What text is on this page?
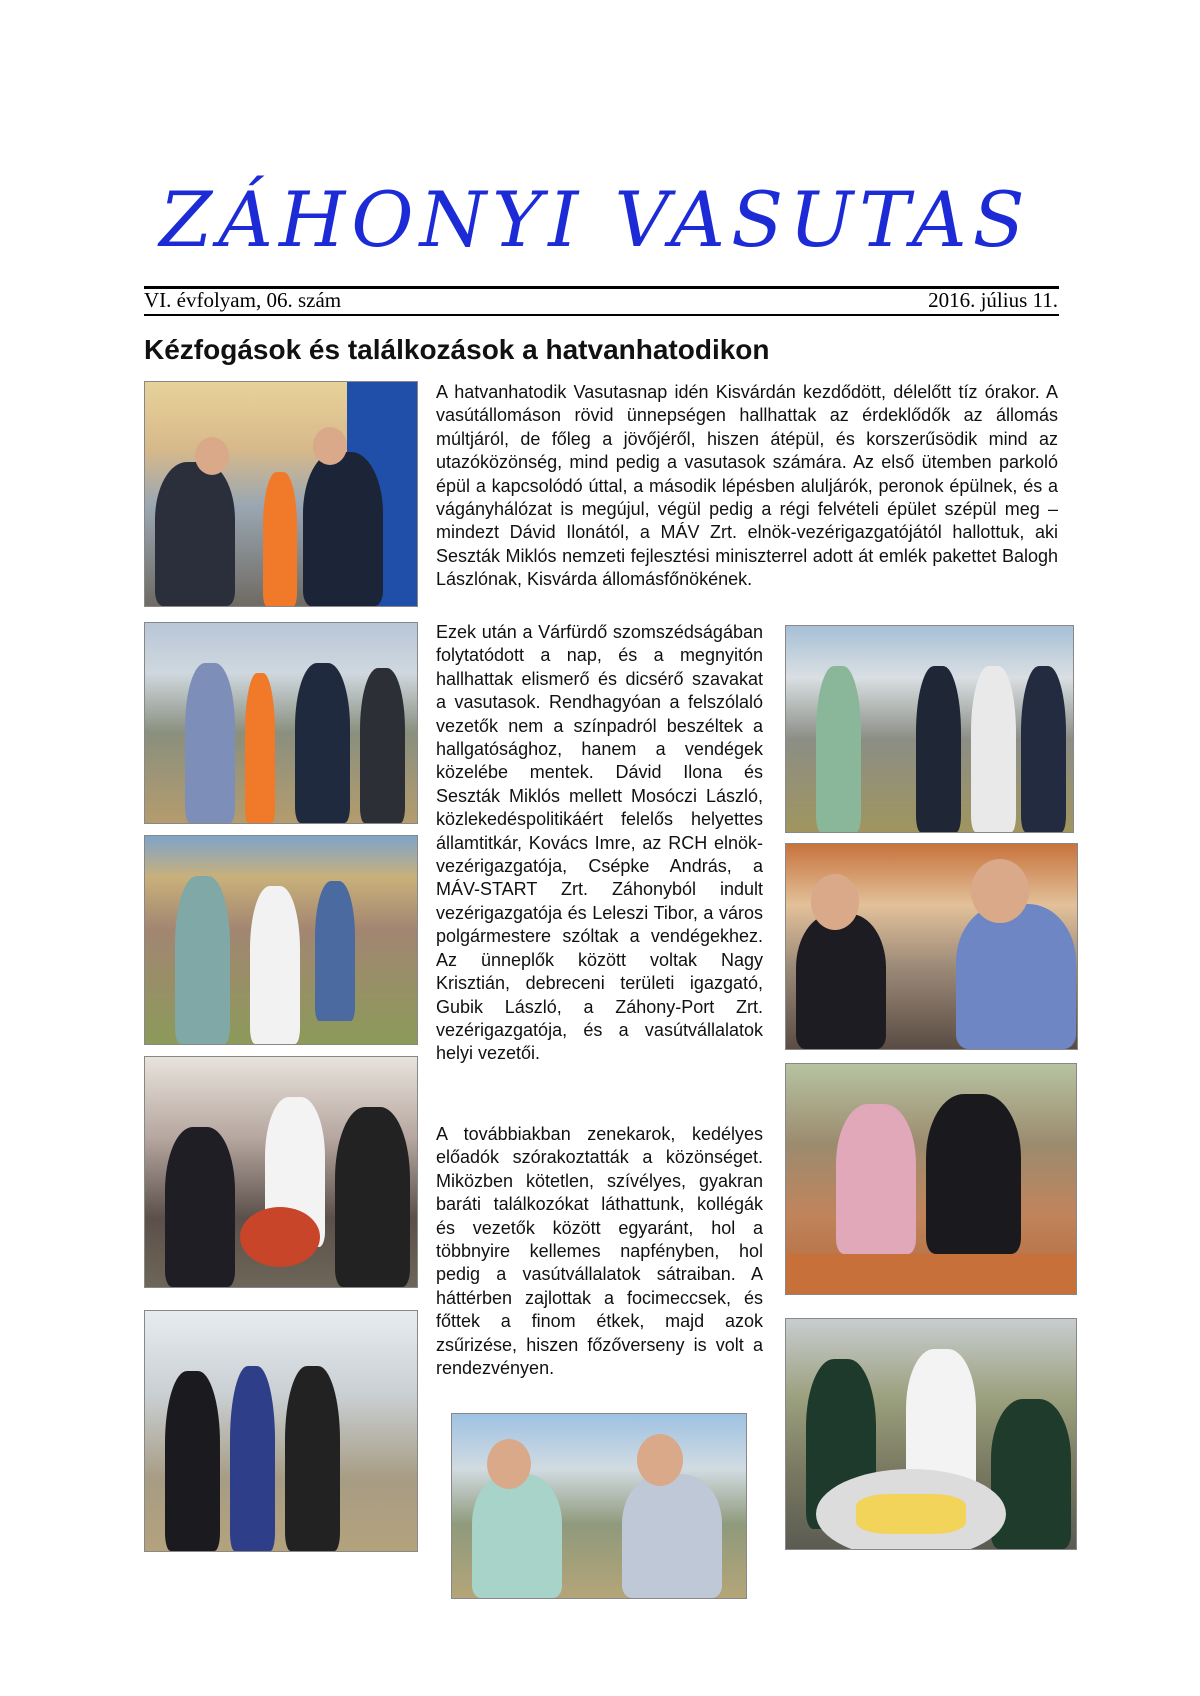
ZÁHONYI VASUTAS
VI. évfolyam, 06. szám	2016. július 11.
Kézfogások és találkozások a hatvanhatodikon

A hatvanhatodik Vasutasnap idén Kisvárdán kezdődött, délelőtt tíz órakor. A vasútállomáson rövid ünnepségen hallhattak az érdeklődők az állomás múltjáról, de főleg a jövőjéről, hiszen átépül, és korszerűsödik mind az utazóközönség, mind pedig a vasutasok számára. Az első ütemben parkoló épül a kapcsolódó úttal, a második lépésben aluljárók, peronok épülnek, és a vágányhálózat is megújul, végül pedig a régi felvételi épület szépül meg – mindezt Dávid Ilonától, a MÁV Zrt. elnök-vezérigazgatójától hallottuk, aki Seszták Miklós nemzeti fejlesztési miniszterrel adott át emlék pakettet Balogh Lászlónak, Kisvárda állomásfőnökének.

Ezek után a Várfürdő szomszédságában folytatódott a nap, és a megnyitón hallhattak elismerő és dicsérő szavakat a vasutasok. Rendhagyóan a felszólaló vezetők nem a színpadról beszéltek a hallgatósághoz, hanem a vendégek közelébe mentek. Dávid Ilona és Seszták Miklós mellett Mosóczi László, közlekedéspolitikáért felelős helyettes államtitkár, Kovács Imre, az RCH elnök-vezérigazgatója, Csépke András, a MÁV-START Zrt. Záhonyból indult vezérigazgatója és Leleszi Tibor, a város polgármestere szóltak a vendégekhez. Az ünneplők között voltak Nagy Krisztián, debreceni területi igazgató, Gubik László, a Záhony-Port Zrt. vezérigazgatója, és a vasútvállalatok helyi vezetői.

A továbbiakban zenekarok, kedélyes előadók szórakoztatták a közönséget. Miközben kötetlen, szívélyes, gyakran baráti találkozókat láthattunk, kollégák és vezetők között egyaránt, hol a többnyire kellemes napfényben, hol pedig a vasútvállalatok sátraiban. A háttérben zajlottak a focimeccsek, és főttek a finom étkek, majd azok zsűrizése, hiszen főzőverseny is volt a rendezvényen.
